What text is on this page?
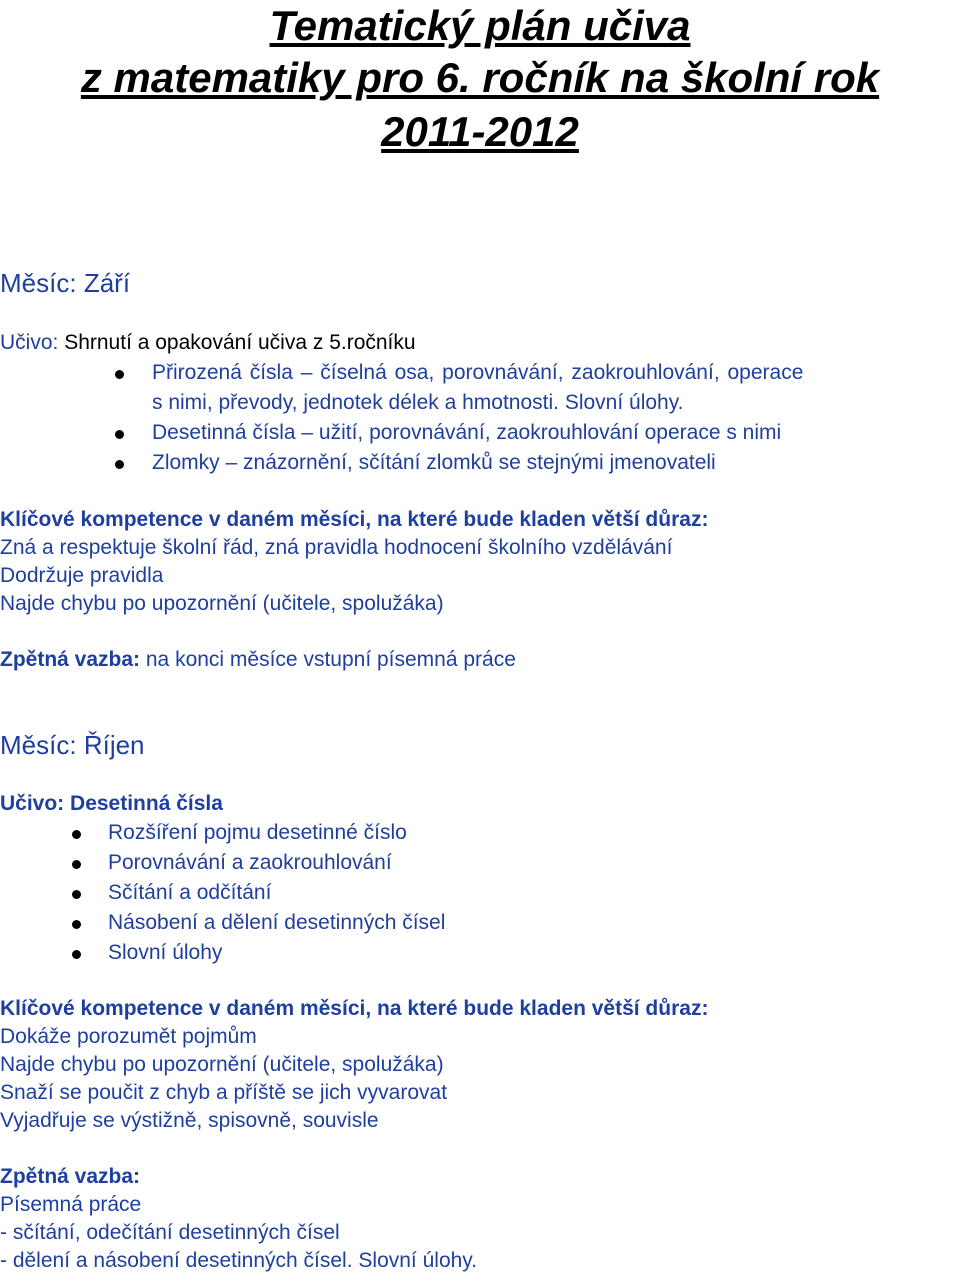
Tematický plán učiva
z matematiky pro 6. ročník na školní rok
2011-2012
Měsíc: Září
Učivo: Shrnutí a opakování učiva z 5.ročníku
Přirozená čísla – číselná osa, porovnávání, zaokrouhlování, operace
s nimi, převody, jednotek délek a hmotnosti. Slovní úlohy.
Desetinná čísla – užití, porovnávání, zaokrouhlování operace s nimi
Zlomky – znázornění, sčítání zlomků se stejnými jmenovateli
Klíčové kompetence v daném měsíci, na které bude kladen větší důraz:
Zná a respektuje školní řád, zná pravidla hodnocení školního vzdělávání
Dodržuje pravidla
Najde chybu po upozornění (učitele, spolužáka)
Zpětná vazba: na konci měsíce vstupní písemná práce
Měsíc: Říjen
Učivo: Desetinná čísla
Rozšíření pojmu desetinné číslo
Porovnávání a zaokrouhlování
Sčítání a odčítání
Násobení a dělení desetinných čísel
Slovní úlohy
Klíčové kompetence v daném měsíci, na které bude kladen větší důraz:
Dokáže porozumět pojmům
Najde chybu po upozornění (učitele, spolužáka)
Snaží se poučit z chyb a příště se jich vyvarovat
Vyjadřuje se výstižně, spisovně, souvisle
Zpětná vazba:
Písemná práce
- sčítání, odečítání desetinných čísel
- dělení a násobení desetinných čísel. Slovní úlohy.
